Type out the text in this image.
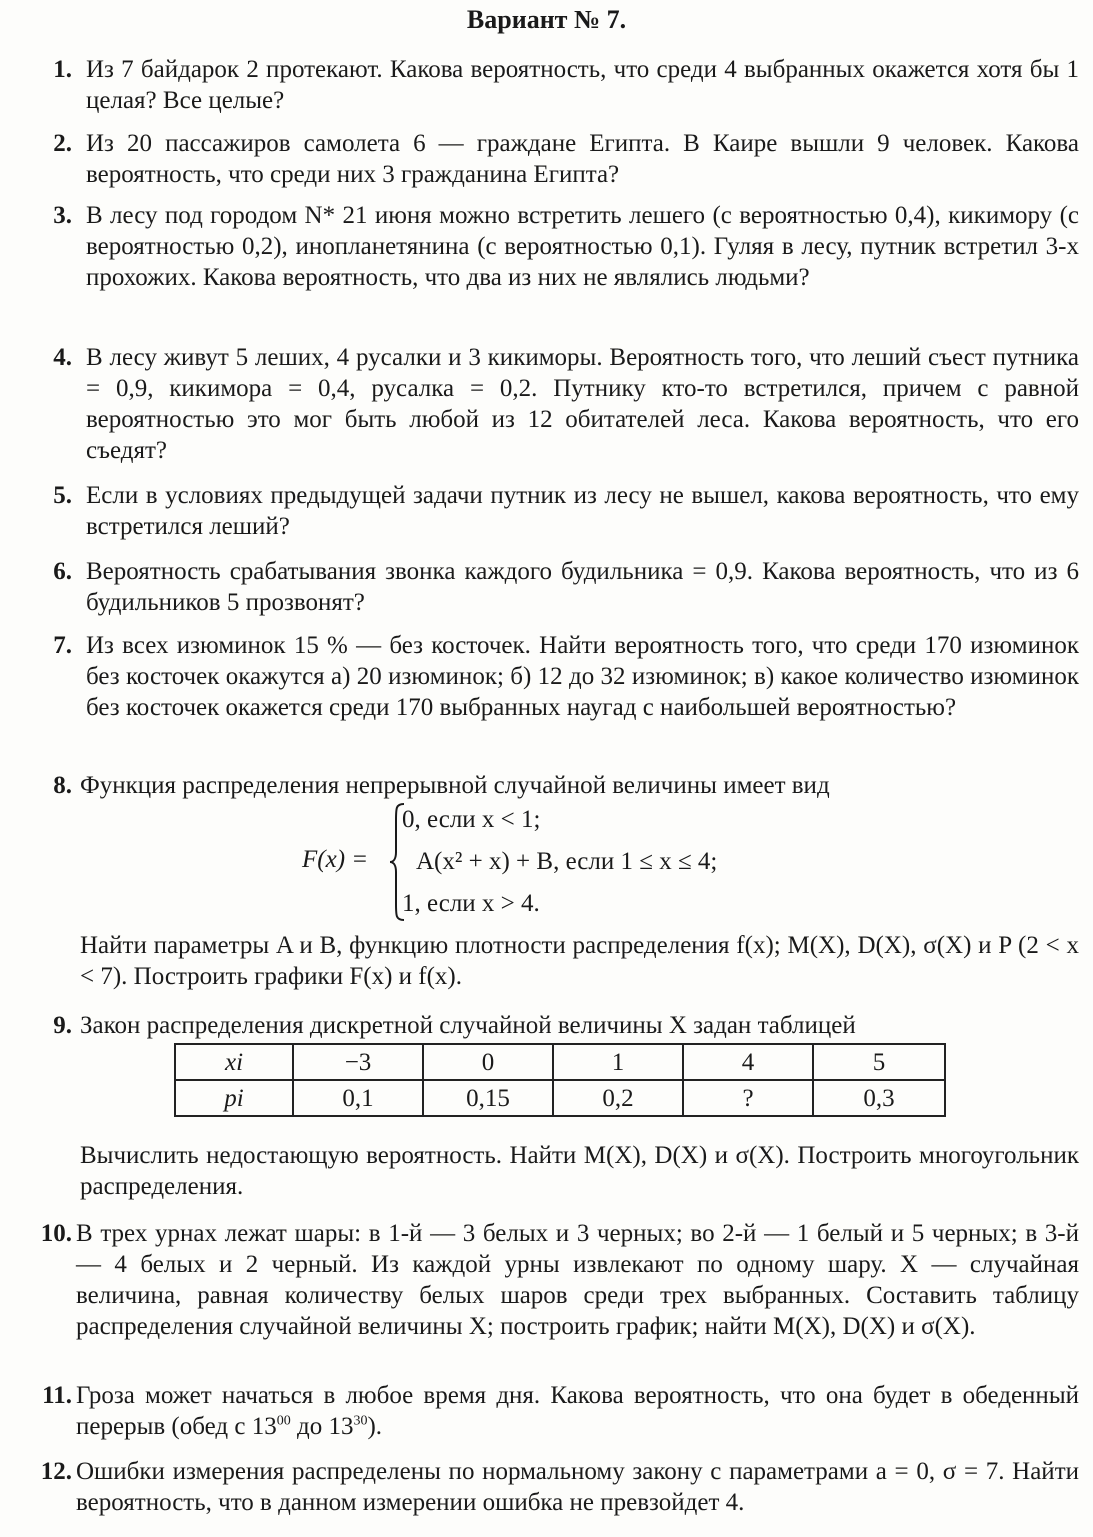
Вариант № 7.
1. Из 7 байдарок 2 протекают. Какова вероятность, что среди 4 выбранных окажется хотя бы 1 целая? Все целые?
2. Из 20 пассажиров самолета 6 — граждане Египта. В Каире вышли 9 человек. Какова вероятность, что среди них 3 гражданина Египта?
3. В лесу под городом N* 21 июня можно встретить лешего (с вероятностью 0,4), кикимору (с вероятностью 0,2), инопланетянина (с вероятностью 0,1). Гуляя в лесу, путник встретил 3-х прохожих. Какова вероятность, что два из них не являлись людьми?
4. В лесу живут 5 леших, 4 русалки и 3 кикиморы. Вероятность того, что леший съест путника = 0,9, кикимора = 0,4, русалка = 0,2. Путнику кто-то встретился, причем с равной вероятностью это мог быть любой из 12 обитателей леса. Какова вероятность, что его съедят?
5. Если в условиях предыдущей задачи путник из лесу не вышел, какова вероятность, что ему встретился леший?
6. Вероятность срабатывания звонка каждого будильника = 0,9. Какова вероятность, что из 6 будильников 5 прозвонят?
7. Из всех изюминок 15 % — без косточек. Найти вероятность того, что среди 170 изюминок без косточек окажутся а) 20 изюминок; б) 12 до 32 изюминок; в) какое количество изюминок без косточек окажется среди 170 выбранных наугад с наибольшей вероятностью?
8. Функция распределения непрерывной случайной величины имеет вид
F(x) =
0, если x < 1;
A(x² + x) + B, если 1 ≤ x ≤ 4;
1, если x > 4.
Найти параметры A и B, функцию плотности распределения f(x); M(X), D(X), σ(X) и P (2 < x < 7). Построить графики F(x) и f(x).
9. Закон распределения дискретной случайной величины X задан таблицей
xi	−3	0	1	4	5
pi	0,1	0,15	0,2	?	0,3
Вычислить недостающую вероятность. Найти M(X), D(X) и σ(X). Построить многоугольник распределения.
10. В трех урнах лежат шары: в 1-й — 3 белых и 3 черных; во 2-й — 1 белый и 5 черных; в 3-й — 4 белых и 2 черный. Из каждой урны извлекают по одному шару. X — случайная величина, равная количеству белых шаров среди трех выбранных. Составить таблицу распределения случайной величины X; построить график; найти M(X), D(X) и σ(X).
11. Гроза может начаться в любое время дня. Какова вероятность, что она будет в обеденный перерыв (обед с $13^{00}$ до $13^{30}$).
12. Ошибки измерения распределены по нормальному закону с параметрами a = 0, σ = 7. Найти вероятность, что в данном измерении ошибка не превзойдет 4.
